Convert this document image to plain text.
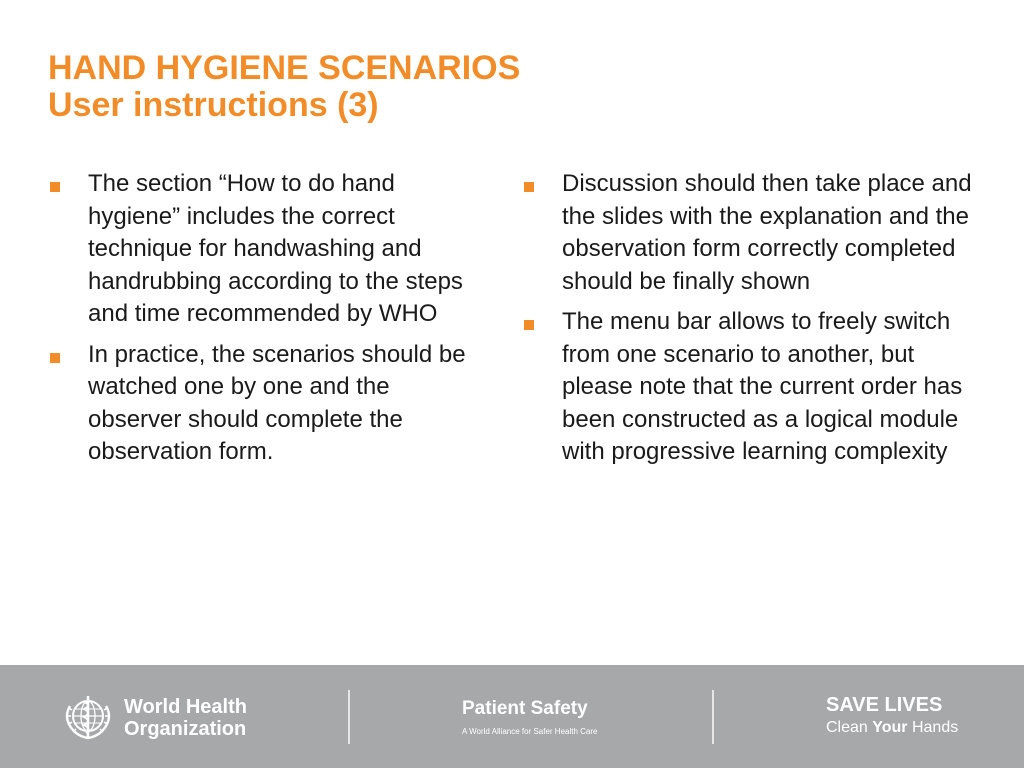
HAND HYGIENE SCENARIOS
User instructions (3)
The section “How to do hand hygiene” includes the correct technique for handwashing and handrubbing according to the steps and time recommended by WHO
In practice, the scenarios should be watched one by one and the observer should complete the observation form.
Discussion should then take place and the slides with the explanation and the observation form correctly completed should be finally shown
The menu bar allows to freely switch from one scenario to another, but please note that the current order has been constructed as a logical module with progressive learning complexity
World Health
Organization
Patient Safety
A World Alliance for Safer Health Care
SAVE LIVES
Clean Your Hands
